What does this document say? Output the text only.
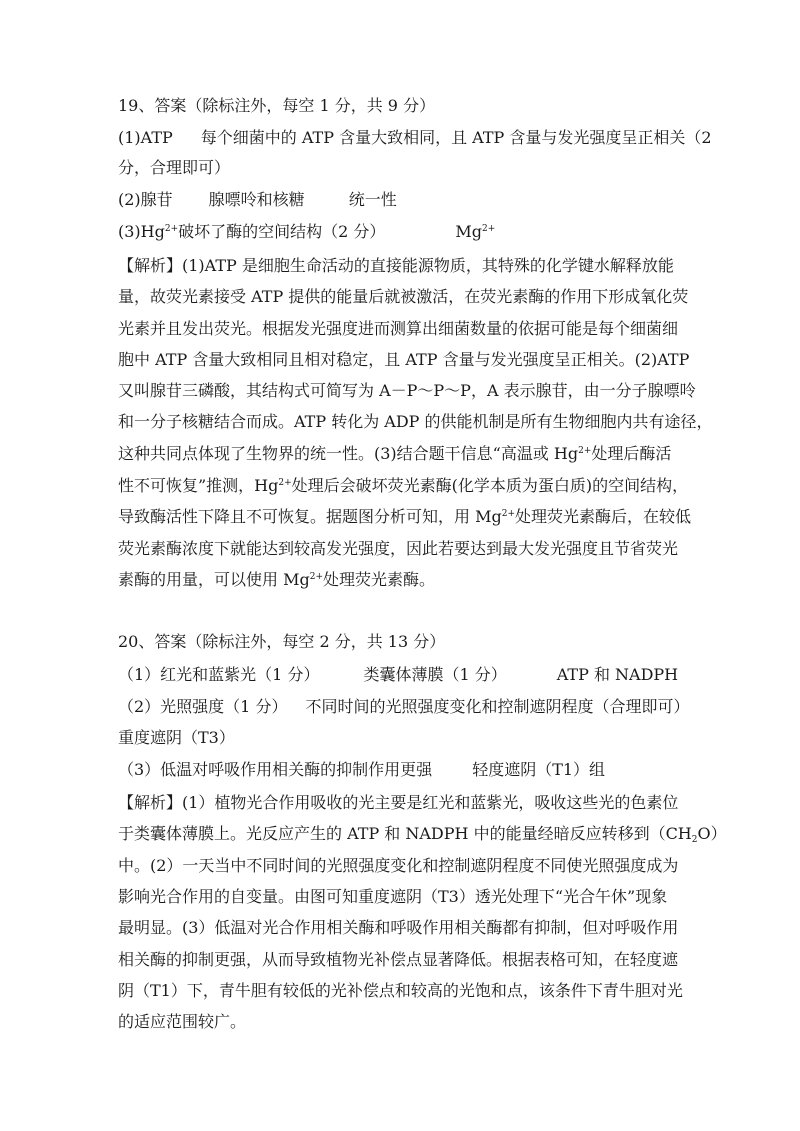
19、答案（除标注外，每空 1 分，共 9 分）
(1)ATP 每个细菌中的 ATP 含量大致相同，且 ATP 含量与发光强度呈正相关（2
分，合理即可）
(2)腺苷 腺嘌呤和核糖	统一性
$(3)Hg^{2+}$破坏了酶的空间结构（2 分）	$Mg^{2+}$
【解析】(1)ATP 是细胞生命活动的直接能源物质，其特殊的化学键水解释放能
量，故荧光素接受 ATP 提供的能量后就被激活，在荧光素酶的作用下形成氧化荧
光素并且发出荧光。根据发光强度进而测算出细菌数量的依据可能是每个细菌细
胞中 ATP 含量大致相同且相对稳定，且 ATP 含量与发光强度呈正相关。(2)ATP
又叫腺苷三磷酸，其结构式可简写为 A－P～P～P，A 表示腺苷，由一分子腺嘌呤
和一分子核糖结合而成。ATP 转化为 ADP 的供能机制是所有生物细胞内共有途径，
这种共同点体现了生物界的统一性。(3)结合题干信息“高温或 $Hg^{2+}$处理后酶活
性不可恢复”推测，$Hg^{2+}$处理后会破坏荧光素酶(化学本质为蛋白质)的空间结构，
导致酶活性下降且不可恢复。据题图分析可知，用 $Mg^{2+}$处理荧光素酶后，在较低
荧光素酶浓度下就能达到较高发光强度，因此若要达到最大发光强度且节省荧光
素酶的用量，可以使用 $Mg^{2+}$处理荧光素酶。
20、答案（除标注外，每空 2 分，共 13 分）
（1）红光和蓝紫光（1 分）	类囊体薄膜（1 分）	ATP 和 NADPH
（2）光照强度（1 分） 不同时间的光照强度变化和控制遮阴程度（合理即可）
重度遮阴（T3）
（3）低温对呼吸作用相关酶的抑制作用更强	轻度遮阴（T1）组
【解析】(1）植物光合作用吸收的光主要是红光和蓝紫光，吸收这些光的色素位
于类囊体薄膜上。光反应产生的 ATP 和 NADPH 中的能量经暗反应转移到$(CH_2O)$
中。(2）一天当中不同时间的光照强度变化和控制遮阴程度不同使光照强度成为
影响光合作用的自变量。由图可知重度遮阴（T3）透光处理下“光合午休”现象
最明显。(3）低温对光合作用相关酶和呼吸作用相关酶都有抑制，但对呼吸作用
相关酶的抑制更强，从而导致植物光补偿点显著降低。根据表格可知，在轻度遮
阴（T1）下，青牛胆有较低的光补偿点和较高的光饱和点，该条件下青牛胆对光
的适应范围较广。
